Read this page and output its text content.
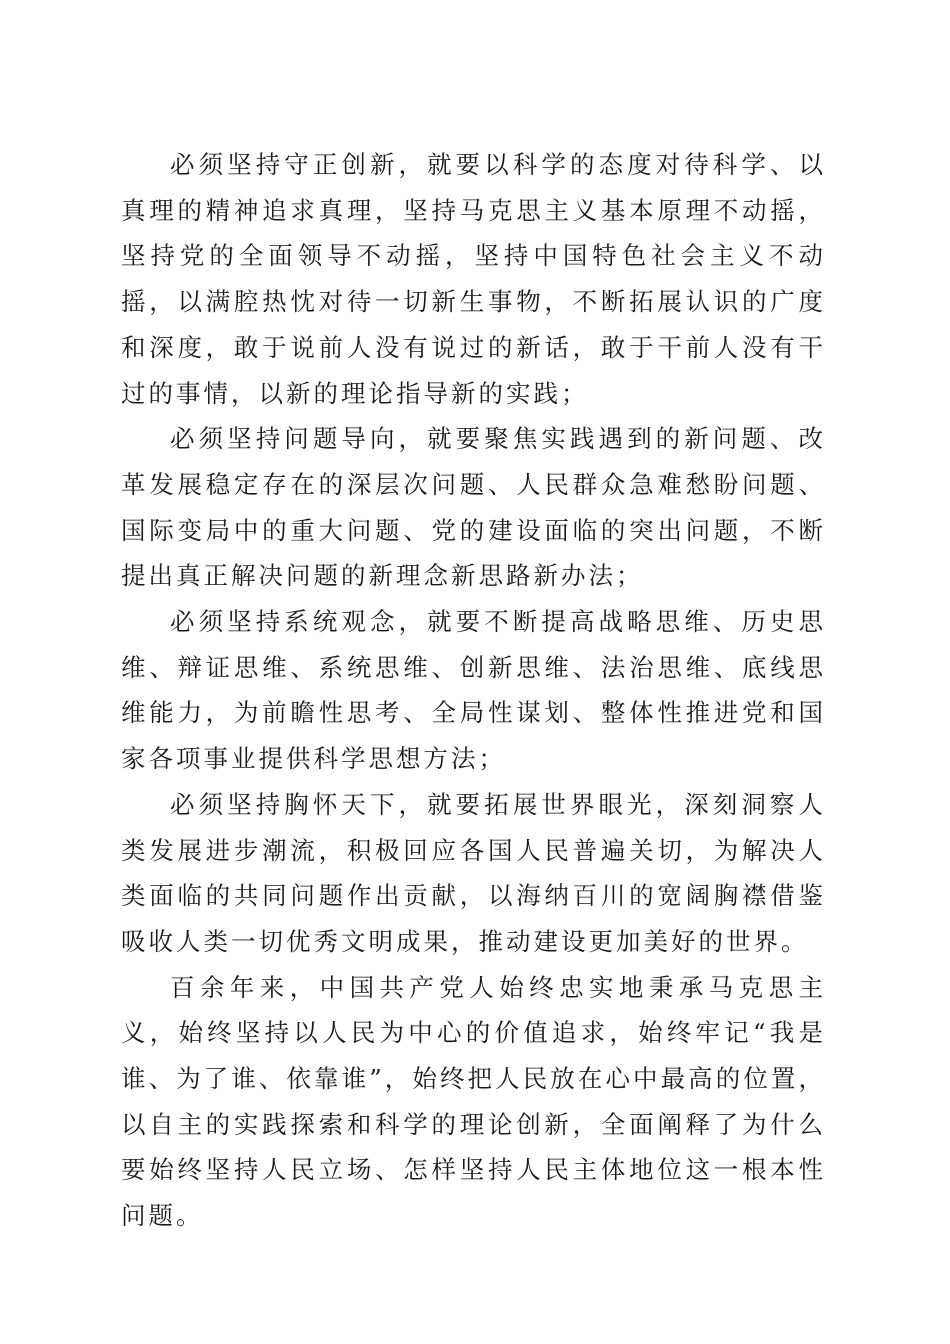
必须坚持守正创新，就要以科学的态度对待科学、以真理的精神追求真理，坚持马克思主义基本原理不动摇，坚持党的全面领导不动摇，坚持中国特色社会主义不动摇，以满腔热忱对待一切新生事物，不断拓展认识的广度和深度，敢于说前人没有说过的新话，敢于干前人没有干过的事情，以新的理论指导新的实践；

必须坚持问题导向，就要聚焦实践遇到的新问题、改革发展稳定存在的深层次问题、人民群众急难愁盼问题、国际变局中的重大问题、党的建设面临的突出问题，不断提出真正解决问题的新理念新思路新办法；

必须坚持系统观念，就要不断提高战略思维、历史思维、辩证思维、系统思维、创新思维、法治思维、底线思维能力，为前瞻性思考、全局性谋划、整体性推进党和国家各项事业提供科学思想方法；

必须坚持胸怀天下，就要拓展世界眼光，深刻洞察人类发展进步潮流，积极回应各国人民普遍关切，为解决人类面临的共同问题作出贡献，以海纳百川的宽阔胸襟借鉴吸收人类一切优秀文明成果，推动建设更加美好的世界。

百余年来，中国共产党人始终忠实地秉承马克思主义，始终坚持以人民为中心的价值追求，始终牢记“我是谁、为了谁、依靠谁”，始终把人民放在心中最高的位置，以自主的实践探索和科学的理论创新，全面阐释了为什么要始终坚持人民立场、怎样坚持人民主体地位这一根本性问题。
